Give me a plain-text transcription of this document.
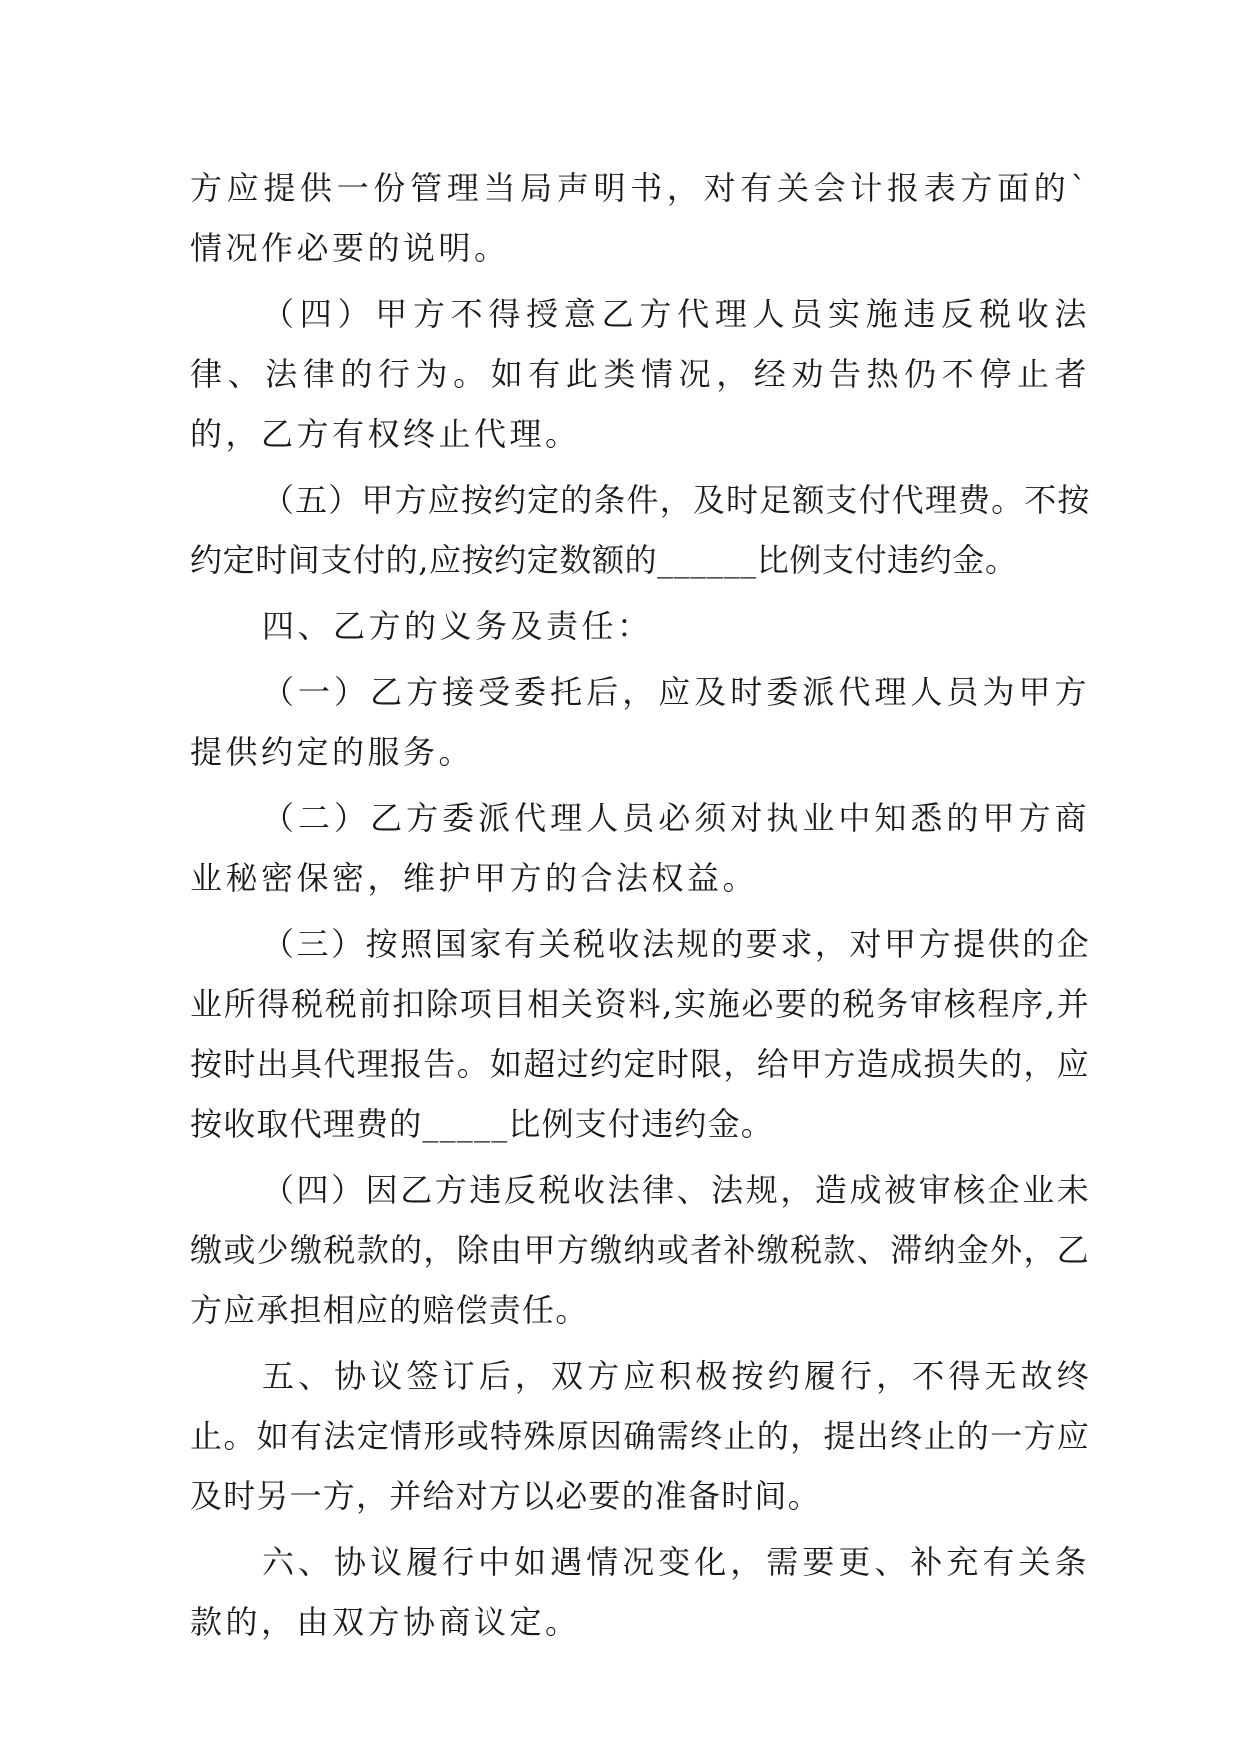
方应提供一份管理当局声明书，对有关会计报表方面的`情况作必要的说明。

（四）甲方不得授意乙方代理人员实施违反税收法律、法律的行为。如有此类情况，经劝告热仍不停止者的，乙方有权终止代理。

（五）甲方应按约定的条件，及时足额支付代理费。不按约定时间支付的,应按约定数额的______比例支付违约金。

四、乙方的义务及责任：

（一）乙方接受委托后，应及时委派代理人员为甲方提供约定的服务。

（二）乙方委派代理人员必须对执业中知悉的甲方商业秘密保密，维护甲方的合法权益。

（三）按照国家有关税收法规的要求，对甲方提供的企业所得税税前扣除项目相关资料,实施必要的税务审核程序,并按时出具代理报告。如超过约定时限，给甲方造成损失的，应按收取代理费的_____比例支付违约金。

（四）因乙方违反税收法律、法规，造成被审核企业未缴或少缴税款的，除由甲方缴纳或者补缴税款、滞纳金外，乙方应承担相应的赔偿责任。

五、协议签订后，双方应积极按约履行，不得无故终止。如有法定情形或特殊原因确需终止的，提出终止的一方应及时另一方，并给对方以必要的准备时间。

六、协议履行中如遇情况变化，需要更、补充有关条款的，由双方协商议定。
